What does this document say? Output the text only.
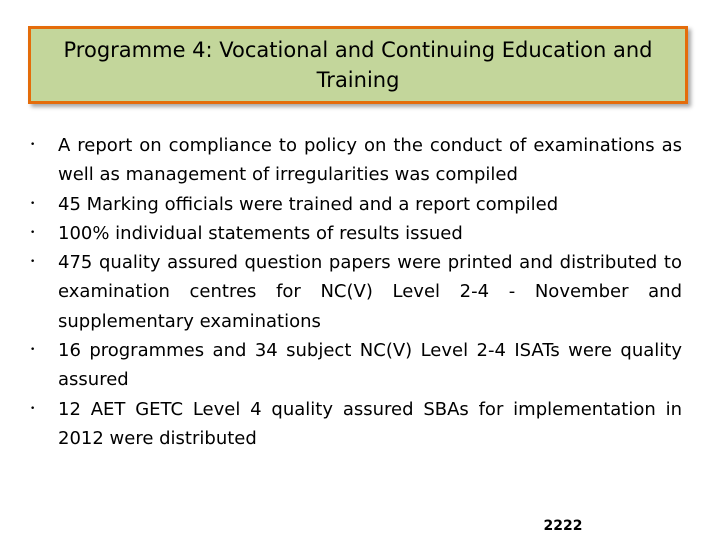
Programme 4: Vocational and Continuing Education and Training
• A report on compliance to policy on the conduct of examinations as well as management of irregularities was compiled
• 45 Marking officials were trained and a report compiled
• 100% individual statements of results issued
• 475 quality assured question papers were printed and distributed to examination centres for NC(V) Level 2-4 - November and supplementary examinations
• 16 programmes and 34 subject NC(V) Level 2-4 ISATs were quality assured
• 12 AET GETC Level 4 quality assured SBAs for implementation in 2012 were distributed
2222
